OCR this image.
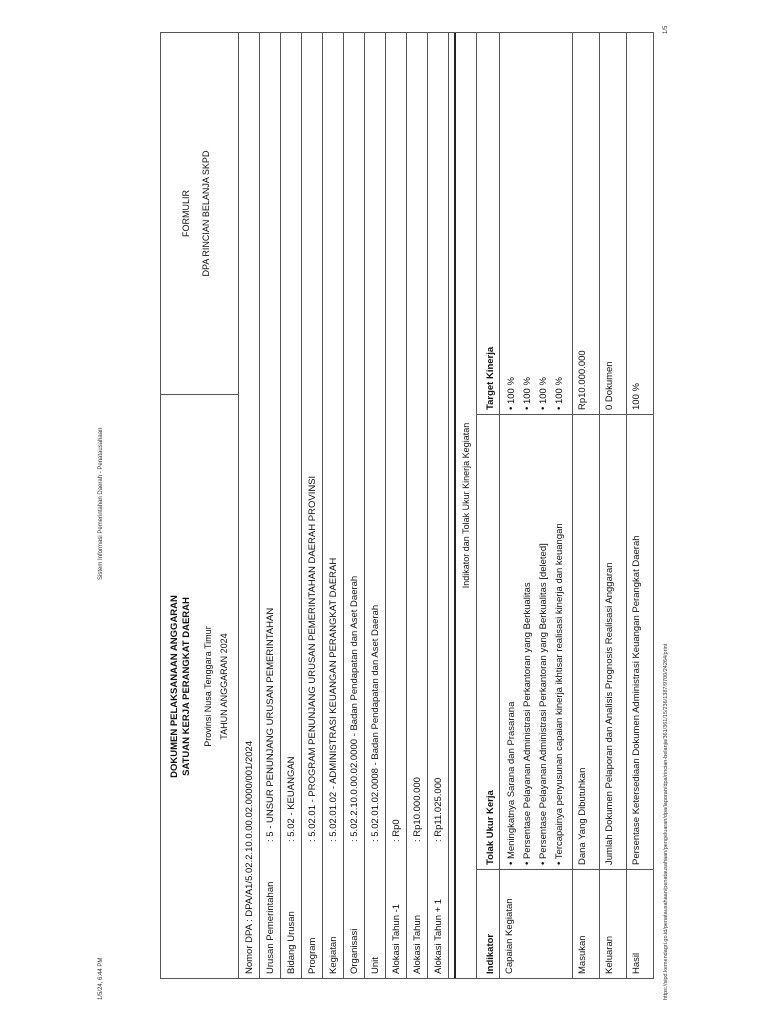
1/5/24, 6:44 PM
Sistem Informasi Pemerintahan Daerah - Penatausahaan
https://sipd.kemendagri.go.id/penatausahaan/penatausahaan/pengeluaran/dpa/laporan/dpa/rincian-belanja/361/361/15/236/1387/9700/24264/print
1/5
DOKUMEN PELAKSANAAN ANGGARAN SATUAN KERJA PERANGKAT DAERAH Provinsi Nusa Tenggara Timur TAHUN ANGGARAN 2024
FORMULIR DPA RINCIAN BELANJA SKPD
Nomor DPA : DPA/A1/5.02.2.10.0.00.02.0000/001/2024	Urusan Pemerintahan
: 5 - UNSUR PENUNJANG URUSAN PEMERINTAHAN
Bidang Urusan
: 5.02 - KEUANGAN
Program
: 5.02.01 - PROGRAM PENUNJANG URUSAN PEMERINTAHAN DAERAH PROVINSI
Kegiatan
: 5.02.01.02 - ADMINISTRASI KEUANGAN PERANGKAT DAERAH
Organisasi
: 5.02.2.10.0.00.02.0000 - Badan Pendapatan dan Aset Daerah
Unit
: 5.02.01.02.0008 - Badan Pendapatan dan Aset Daerah
Alokasi Tahun -1
: Rp0
Alokasi Tahun
: Rp10.000.000
Alokasi Tahun + 1
: Rp11.025.000
Indikator dan Tolak Ukur Kinerja Kegiatan
Indikator
Tolak Ukur Kerja
Target Kinerja
Capaian Kegiatan
• Meningkatnya Sarana dan Prasarana • Persentase Pelayanan Administrasi Perkantoran yang Berkualitas • Persentase Pelayanan Administrasi Perkantoran yang Berkualitas [deleted] • Tercapainya penyusunan capaian kinerja ikhtisar realisasi kinerja dan keuangan
• 100 % • 100 % • 100 % • 100 %
Masukan
Dana Yang Dibutuhkan
Rp10.000.000
Keluaran
Jumlah Dokumen Pelaporan dan Analisis Prognosis Realisasi Anggaran
0 Dokumen
Hasil
Persentase Ketersediaan Dokumen Administrasi Keuangan Perangkat Daerah
100 %
